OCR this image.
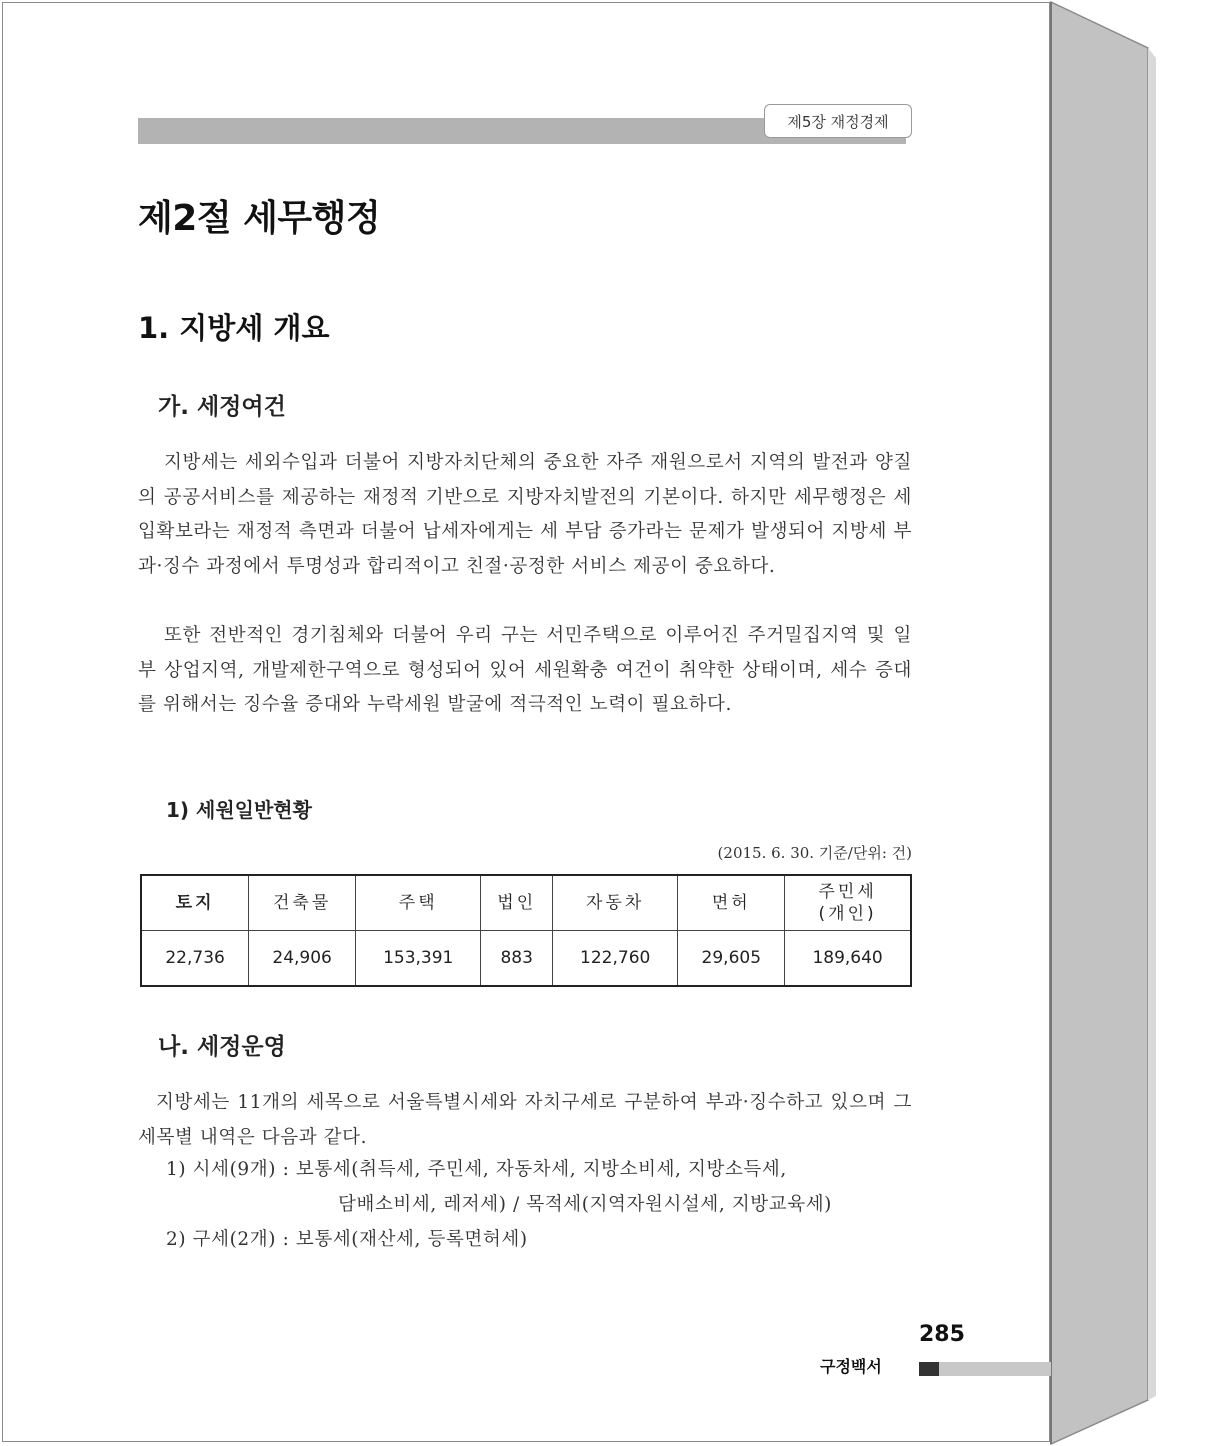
제5장 재정경제
제2절 세무행정
1. 지방세 개요
가. 세정여건

지방세는 세외수입과 더불어 지방자치단체의 중요한 자주 재원으로서 지역의 발전과 양질의 공공서비스를 제공하는 재정적 기반으로 지방자치발전의 기본이다. 하지만 세무행정은 세입확보라는 재정적 측면과 더불어 납세자에게는 세 부담 증가라는 문제가 발생되어 지방세 부과·징수 과정에서 투명성과 합리적이고 친절·공정한 서비스 제공이 중요하다.

또한 전반적인 경기침체와 더불어 우리 구는 서민주택으로 이루어진 주거밀집지역 및 일부 상업지역, 개발제한구역으로 형성되어 있어 세원확충 여건이 취약한 상태이며, 세수 증대를 위해서는 징수율 증대와 누락세원 발굴에 적극적인 노력이 필요하다.

1) 세원일반현황
(2015. 6. 30. 기준/단위: 건)
토지	건축물	주택	법인	자동차	면허	주민세
(개인)
22,736	24,906	153,391	883	122,760	29,605	189,640
나. 세정운영

지방세는 11개의 세목으로 서울특별시세와 자치구세로 구분하여 부과·징수하고 있으며 그 세목별 내역은 다음과 같다.

1) 시세(9개) : 보통세(취득세, 주민세, 자동차세, 지방소비세, 지방소득세,
담배소비세, 레저세) / 목적세(지역자원시설세, 지방교육세)
2) 구세(2개) : 보통세(재산세, 등록면허세)
285
구정백서
